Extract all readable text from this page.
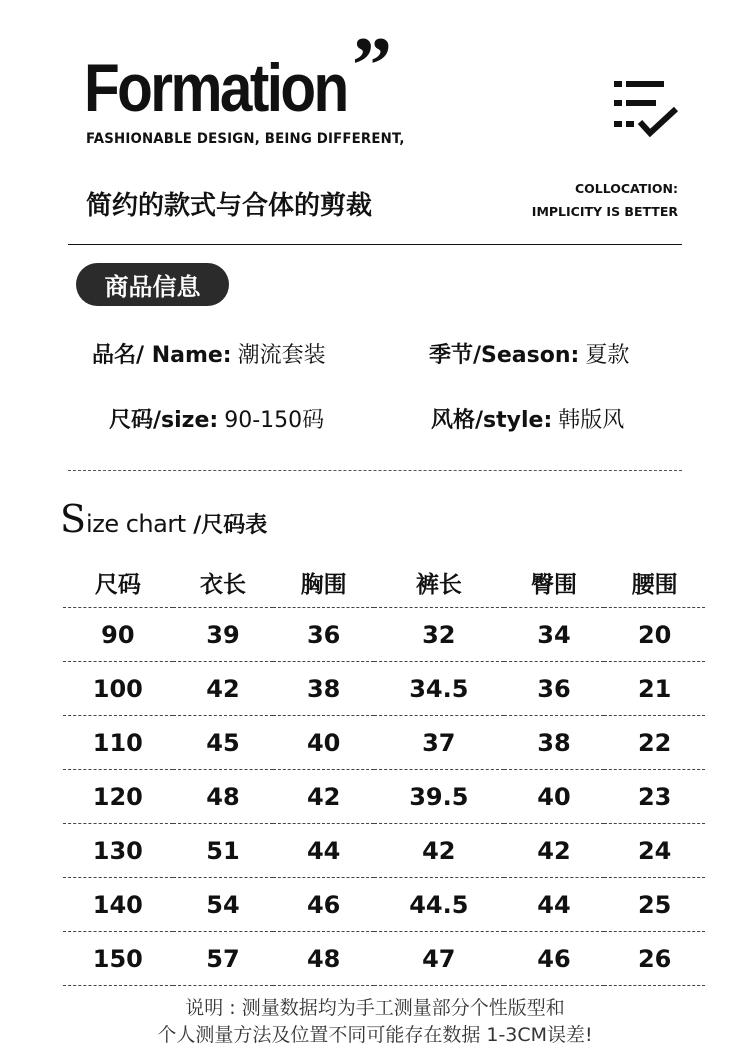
Formation ”
FASHIONABLE DESIGN, BEING DIFFERENT,
简约的款式与合体的剪裁
COLLOCATION:
IMPLICITY IS BETTER
商品信息
品名/ Name: 潮流套装	季节/Season: 夏款
尺码/size: 90-150码	风格/style: 韩版风
Size chart /尺码表
尺码	衣长	胸围	裤长	臀围	腰围
90	39	36	32	34	20
100	42	38	34.5	36	21
110	45	40	37	38	22
120	48	42	39.5	40	23
130	51	44	42	42	24
140	54	46	44.5	44	25
150	57	48	47	46	26
说明 : 测量数据均为手工测量部分个性版型和
个人测量方法及位置不同可能存在数据 1-3CM误差!
